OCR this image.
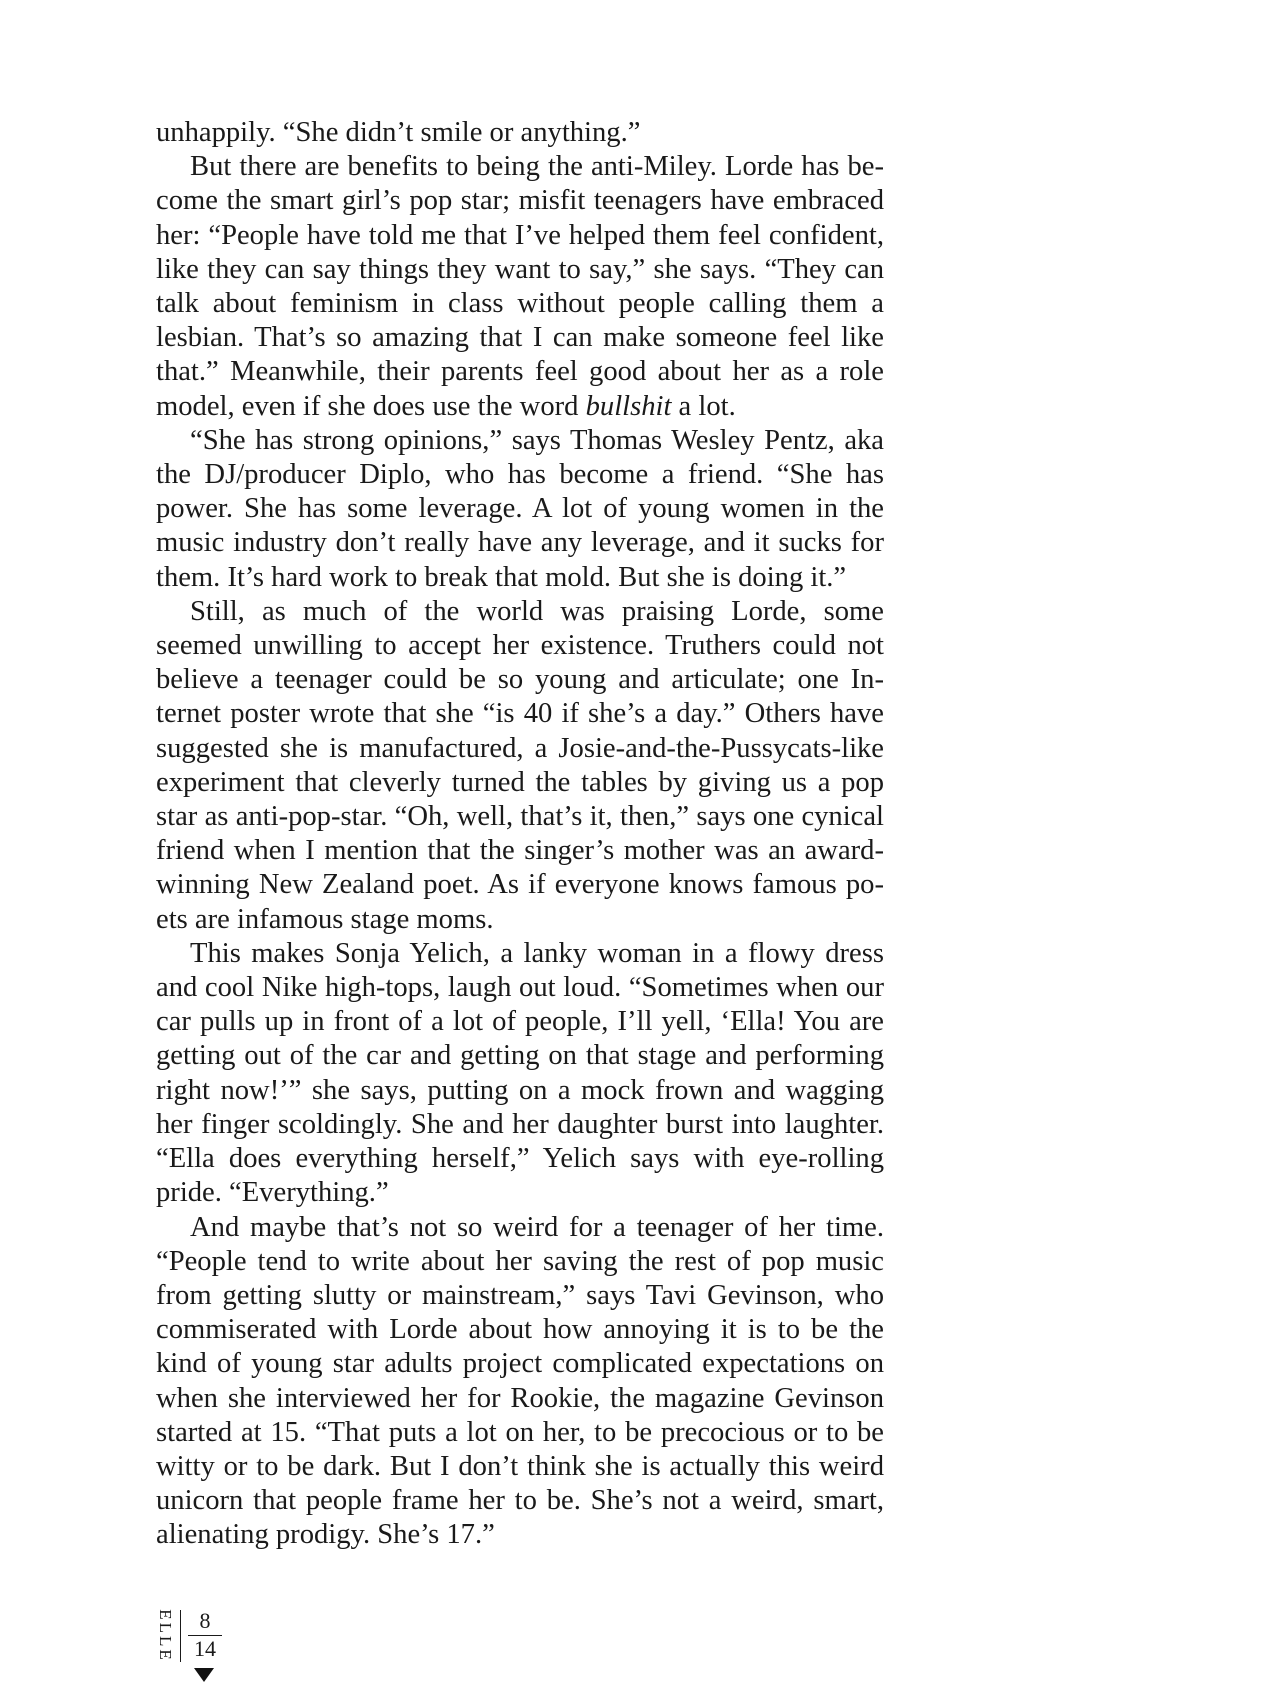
unhappily. “She didn’t smile or anything.”

But there are benefits to being the anti-Miley. Lorde has become the smart girl’s pop star; misfit teenagers have embraced her: “People have told me that I’ve helped them feel confident, like they can say things they want to say,” she says. “They can talk about feminism in class without people calling them a lesbian. That’s so amazing that I can make someone feel like that.” Meanwhile, their parents feel good about her as a role model, even if she does use the word bullshit a lot.

“She has strong opinions,” says Thomas Wesley Pentz, aka the DJ/producer Diplo, who has become a friend. “She has power. She has some leverage. A lot of young women in the music industry don’t really have any leverage, and it sucks for them. It’s hard work to break that mold. But she is doing it.”

Still, as much of the world was praising Lorde, some seemed unwilling to accept her existence. Truthers could not believe a teenager could be so young and articulate; one Internet poster wrote that she “is 40 if she’s a day.” Others have suggested she is manufactured, a Josie-and-the-Pussycats-like experiment that cleverly turned the tables by giving us a pop star as anti-pop-star. “Oh, well, that’s it, then,” says one cynical friend when I mention that the singer’s mother was an award-winning New Zealand poet. As if everyone knows famous poets are infamous stage moms.

This makes Sonja Yelich, a lanky woman in a flowy dress and cool Nike high-tops, laugh out loud. “Sometimes when our car pulls up in front of a lot of people, I’ll yell, ‘Ella! You are getting out of the car and getting on that stage and performing right now!’” she says, putting on a mock frown and wagging her finger scoldingly. She and her daughter burst into laughter. “Ella does everything herself,” Yelich says with eye-rolling pride. “Everything.”

And maybe that’s not so weird for a teenager of her time. “People tend to write about her saving the rest of pop music from getting slutty or mainstream,” says Tavi Gevinson, who commiserated with Lorde about how annoying it is to be the kind of young star adults project complicated expectations on when she interviewed her for Rookie, the magazine Gevinson started at 15. “That puts a lot on her, to be precocious or to be witty or to be dark. But I don’t think she is actually this weird unicorn that people frame her to be. She’s not a weird, smart, alienating prodigy. She’s 17.”

ELLE	8
14
